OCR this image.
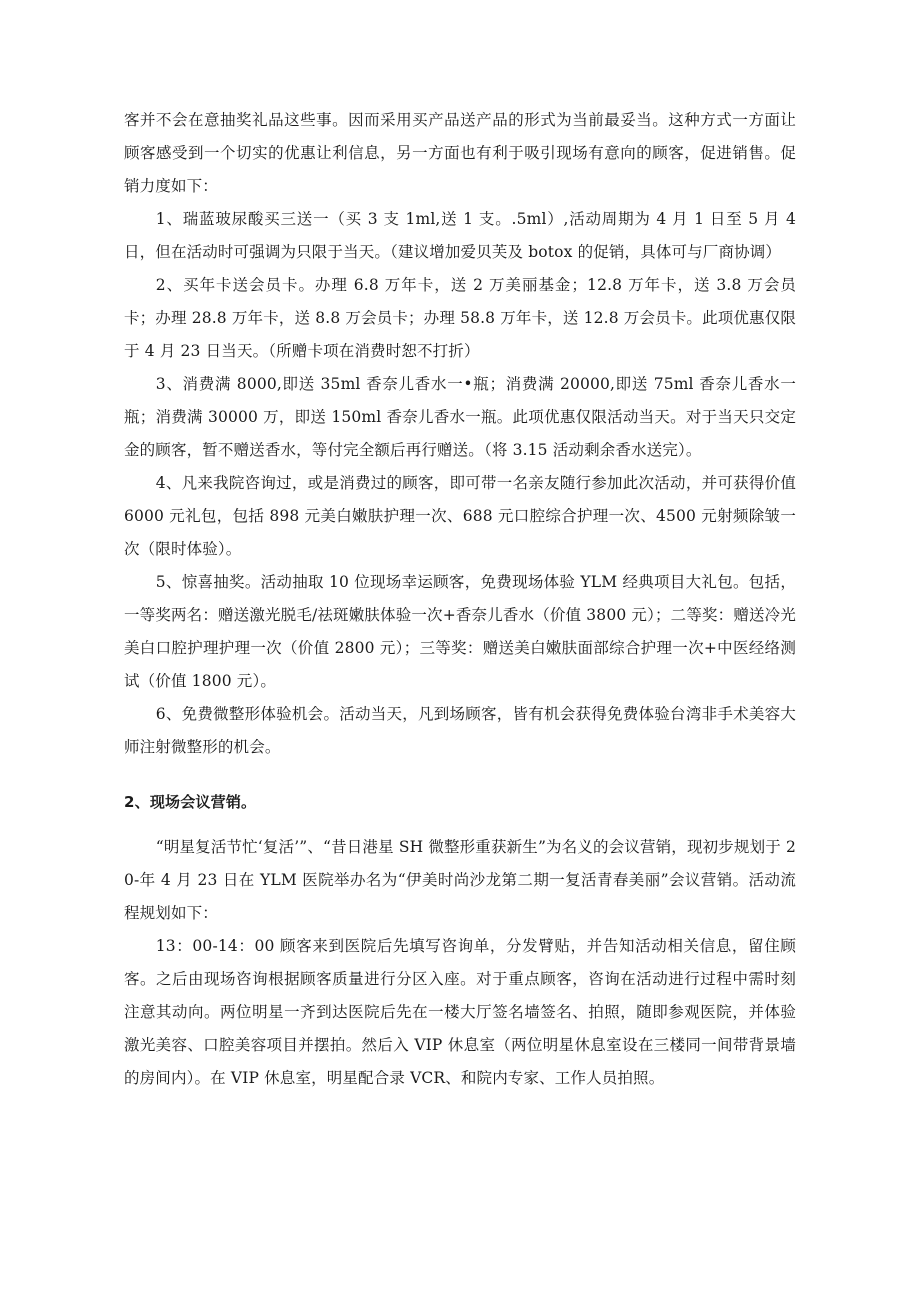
客并不会在意抽奖礼品这些事。因而采用买产品送产品的形式为当前最妥当。这种方式一方面让顾客感受到一个切实的优惠让利信息，另一方面也有利于吸引现场有意向的顾客，促进销售。促销力度如下：

1、瑞蓝玻尿酸买三送一（买 3 支 1ml,送 1 支。.5ml）,活动周期为 4 月 1 日至 5 月 4 日，但在活动时可强调为只限于当天。（建议增加爱贝芙及 botox 的促销，具体可与厂商协调）

2、买年卡送会员卡。办理 6.8 万年卡，送 2 万美丽基金；12.8 万年卡，送 3.8 万会员卡；办理 28.8 万年卡，送 8.8 万会员卡；办理 58.8 万年卡，送 12.8 万会员卡。此项优惠仅限于 4 月 23 日当天。（所赠卡项在消费时恕不打折）

3、消费满 8000,即送 35ml 香奈儿香水一•瓶；消费满 20000,即送 75ml 香奈儿香水一瓶；消费满 30000 万，即送 150ml 香奈儿香水一瓶。此项优惠仅限活动当天。对于当天只交定金的顾客，暂不赠送香水，等付完全额后再行赠送。（将 3.15 活动剩余香水送完）。

4、凡来我院咨询过，或是消费过的顾客，即可带一名亲友随行参加此次活动，并可获得价值 6000 元礼包，包括 898 元美白嫩肤护理一次、688 元口腔综合护理一次、4500 元射频除皱一次（限时体验）。

5、惊喜抽奖。活动抽取 10 位现场幸运顾客，免费现场体验 YLM 经典项目大礼包。包括，一等奖两名：赠送激光脱毛/祛斑嫩肤体验一次+香奈儿香水（价值 3800 元）；二等奖：赠送冷光美白口腔护理护理一次（价值 2800 元）；三等奖：赠送美白嫩肤面部综合护理一次+中医经络测试（价值 1800 元）。

6、免费微整形体验机会。活动当天，凡到场顾客，皆有机会获得免费体验台湾非手术美容大师注射微整形的机会。

2、现场会议营销。

“明星复活节忙‘复活’”、“昔日港星 SH 微整形重获新生”为名义的会议营销，现初步规划于 20-年 4 月 23 日在 YLM 医院举办名为“伊美时尚沙龙第二期一复活青春美丽”会议营销。活动流程规划如下：

13：00-14：00 顾客来到医院后先填写咨询单，分发臂贴，并告知活动相关信息，留住顾客。之后由现场咨询根据顾客质量进行分区入座。对于重点顾客，咨询在活动进行过程中需时刻注意其动向。两位明星一齐到达医院后先在一楼大厅签名墙签名、拍照，随即参观医院，并体验激光美容、口腔美容项目并摆拍。然后入 VIP 休息室（两位明星休息室设在三楼同一间带背景墙的房间内）。在 VIP 休息室，明星配合录 VCR、和院内专家、工作人员拍照。
